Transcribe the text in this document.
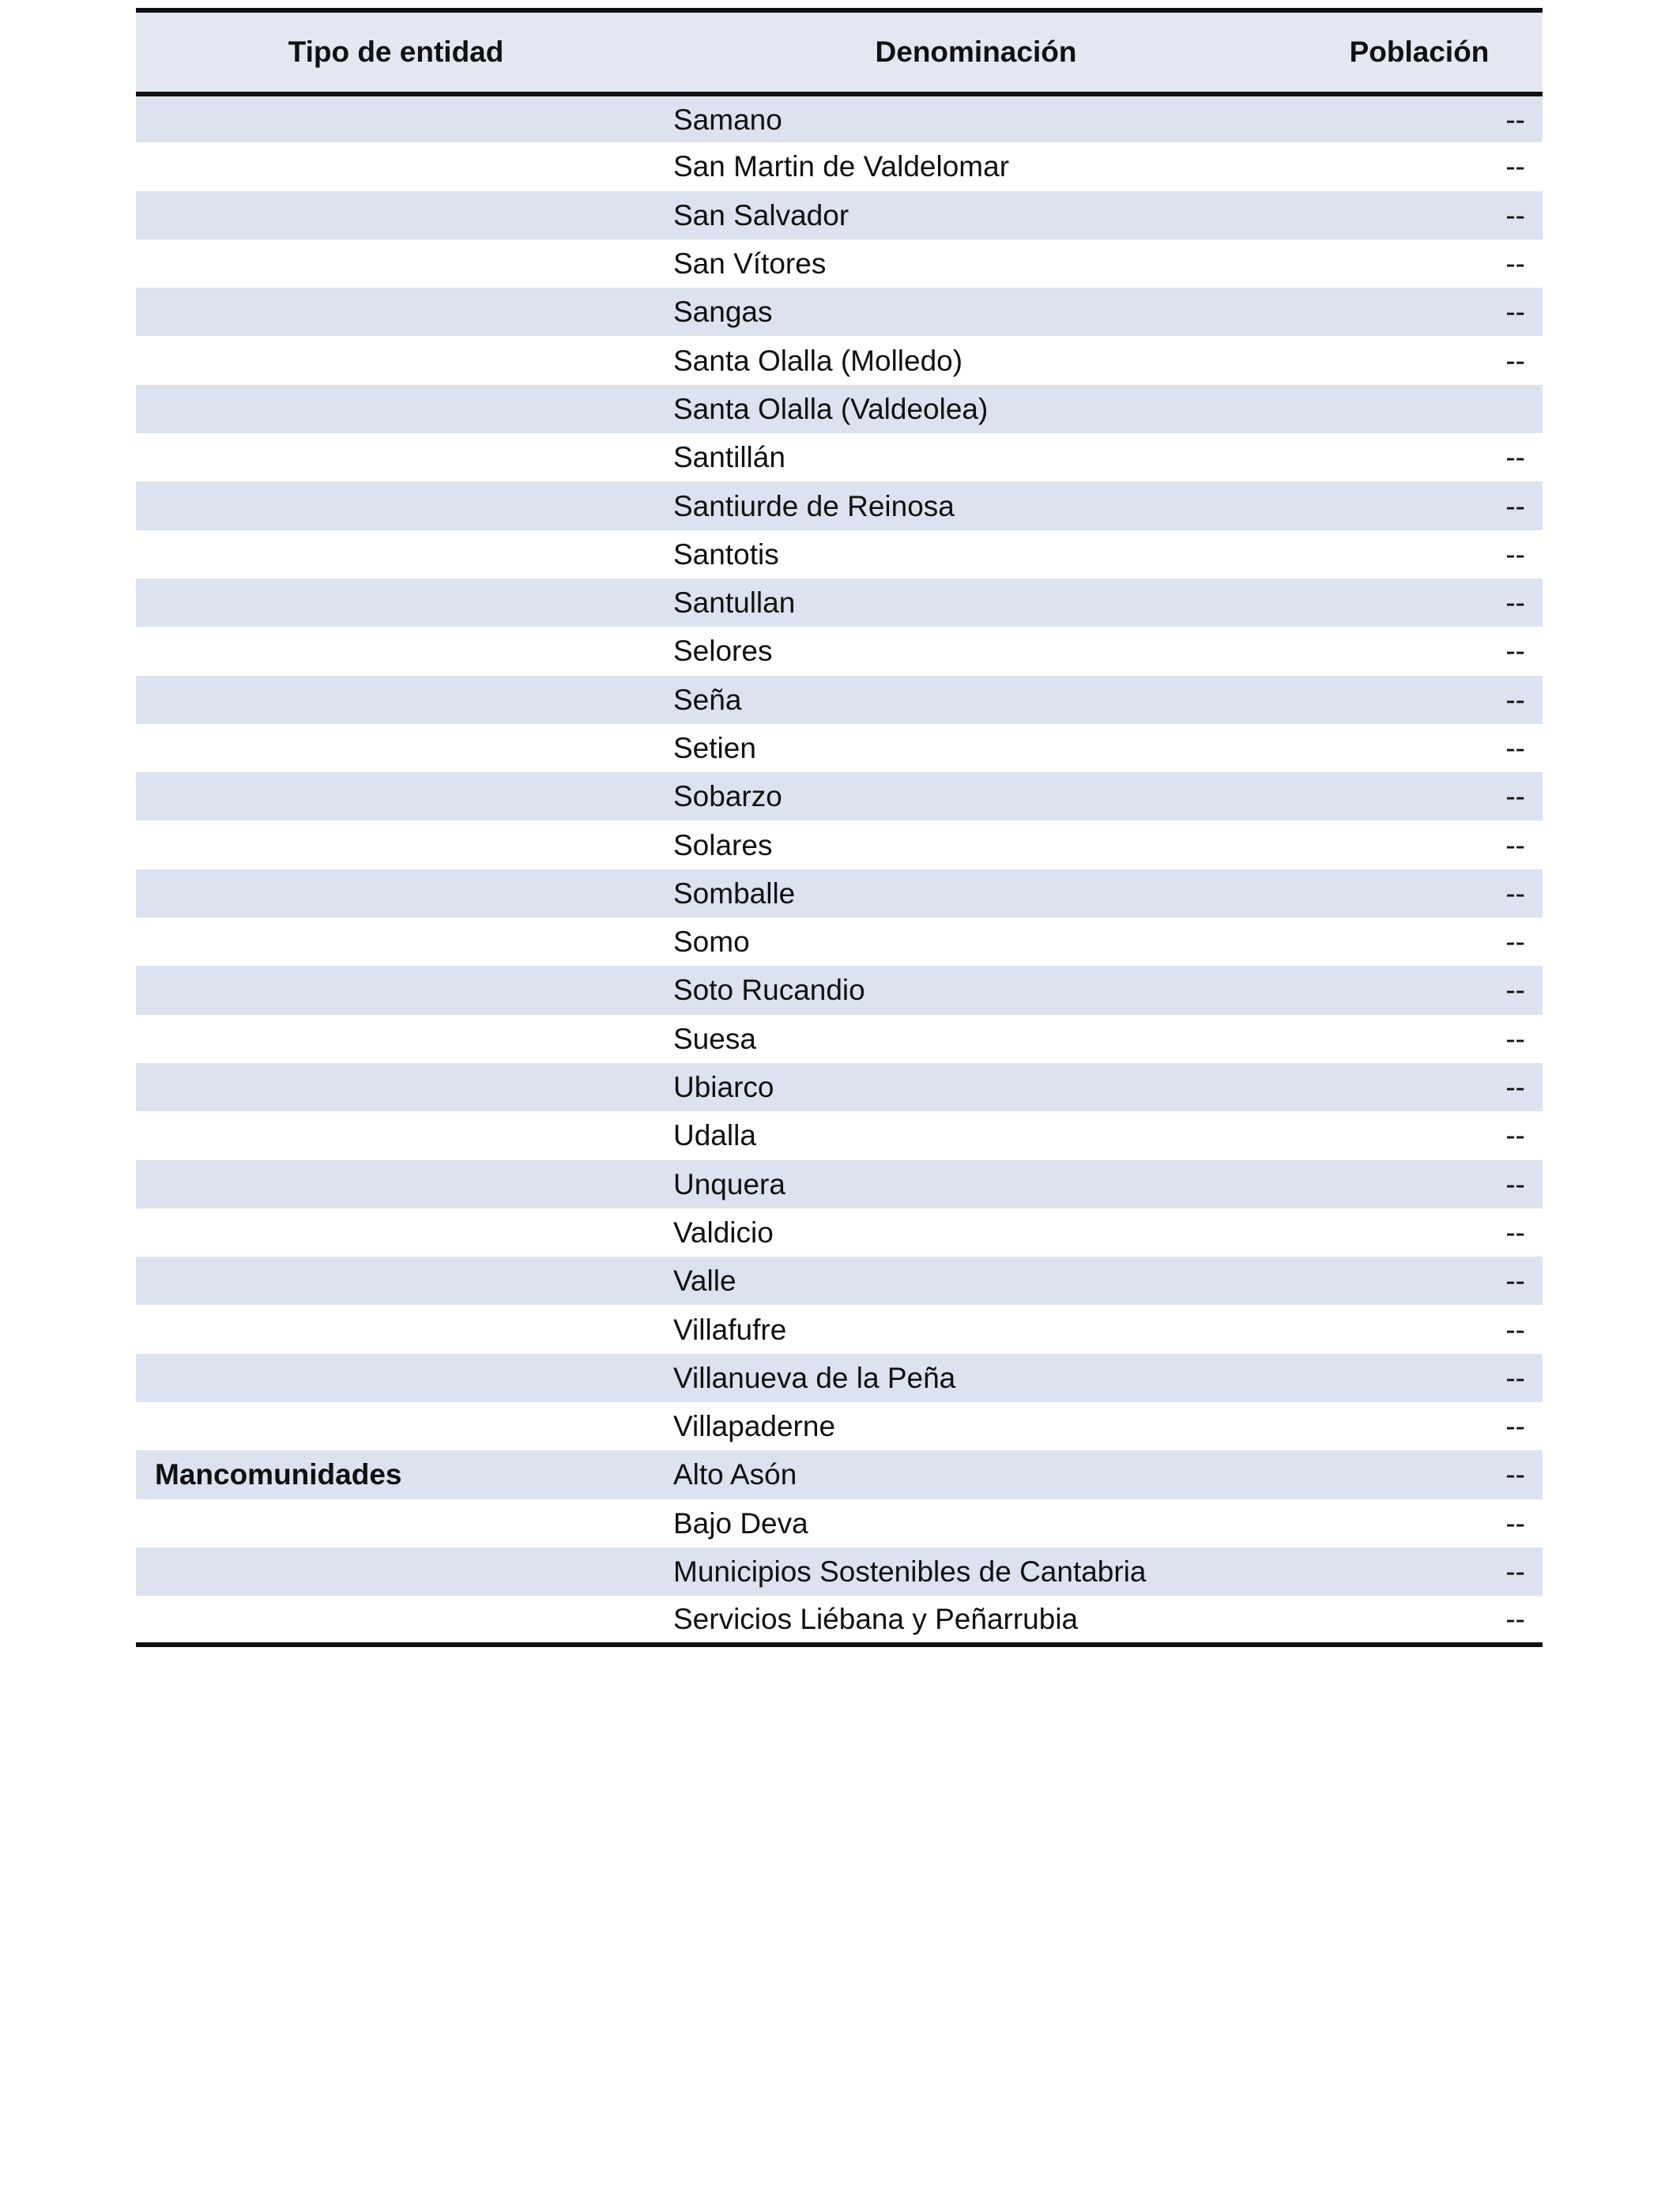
Tipo de entidad	Denominación	Población
	Samano	--
	San Martin de Valdelomar	--
	San Salvador	--
	San Vítores	--
	Sangas	--
	Santa Olalla (Molledo)	--
	Santa Olalla (Valdeolea)	
	Santillán	--
	Santiurde de Reinosa	--
	Santotis	--
	Santullan	--
	Selores	--
	Seña	--
	Setien	--
	Sobarzo	--
	Solares	--
	Somballe	--
	Somo	--
	Soto Rucandio	--
	Suesa	--
	Ubiarco	--
	Udalla	--
	Unquera	--
	Valdicio	--
	Valle	--
	Villafufre	--
	Villanueva de la Peña	--
	Villapaderne	--
Mancomunidades	Alto Asón	--
	Bajo Deva	--
	Municipios Sostenibles de Cantabria	--
	Servicios Liébana y Peñarrubia	--
